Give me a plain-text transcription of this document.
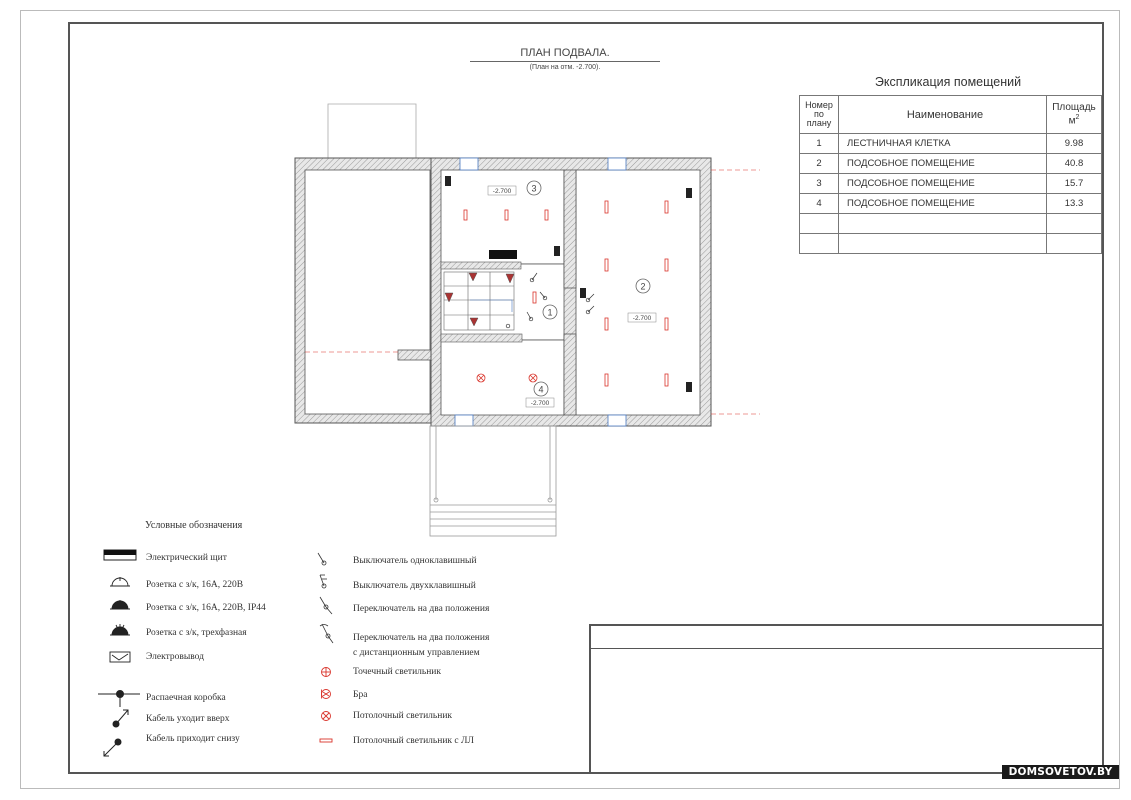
ПЛАН ПОДВАЛА.
(План на отм. -2.700).
1
2
3
4
-2.700
-2.700
-2.700
Экспликация помещений
Номер по плану	Наименование	Площадь $м^2$
1	ЛЕСТНИЧНАЯ КЛЕТКА	9.98
2	ПОДСОБНОЕ ПОМЕЩЕНИЕ	40.8
3	ПОДСОБНОЕ ПОМЕЩЕНИЕ	15.7
4	ПОДСОБНОЕ ПОМЕЩЕНИЕ	13.3

Условные обозначения
Электрический щит
Розетка с з/к, 16А, 220В
Розетка с з/к, 16А, 220В, IP44
Розетка с з/к, трехфазная
Электровывод
Распаечная коробка
Кабель уходит вверх
Кабель приходит снизу
Выключатель одноклавишный
Выключатель двухклавишный
Переключатель на два положения
Переключатель на два положения
с дистанционным управлением
Точечный светильник
Бра
Потолочный светильник
Потолочный светильник с ЛЛ
DOMSOVETOV.BY
